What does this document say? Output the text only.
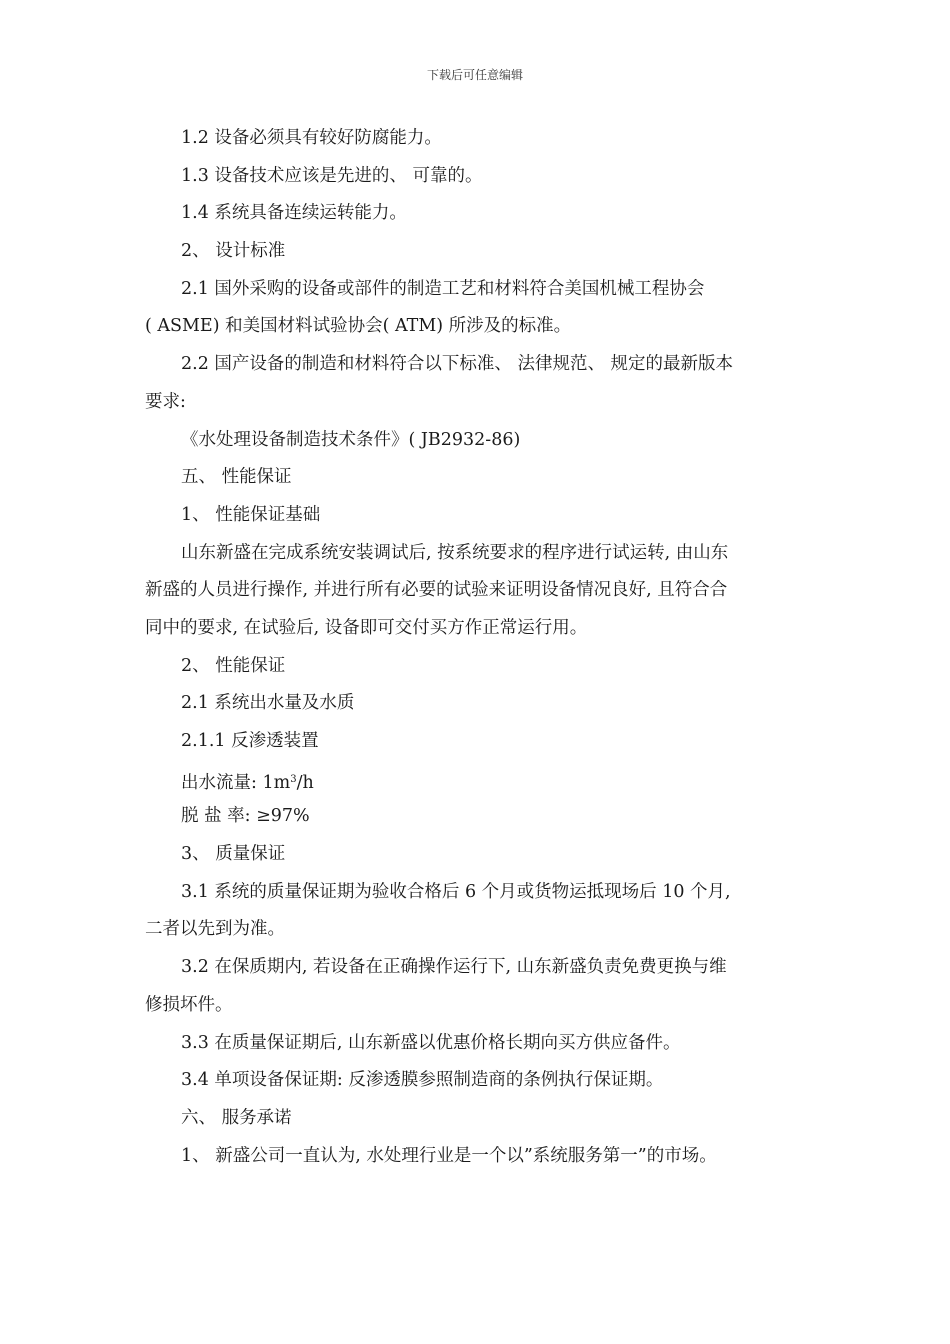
下载后可任意编辑

1.2 设备必须具有较好防腐能力。

1.3 设备技术应该是先进的、 可靠的。

1.4 系统具备连续运转能力。

2、 设计标准

2.1 国外采购的设备或部件的制造工艺和材料符合美国机械工程协会

( ASME) 和美国材料试验协会( ATM) 所涉及的标准。

2.2 国产设备的制造和材料符合以下标准、 法律规范、 规定的最新版本

要求:

《水处理设备制造技术条件》( JB2932-86)

五、 性能保证

1、 性能保证基础

山东新盛在完成系统安装调试后, 按系统要求的程序进行试运转, 由山东

新盛的人员进行操作, 并进行所有必要的试验来证明设备情况良好, 且符合合

同中的要求, 在试验后, 设备即可交付买方作正常运行用。

2、 性能保证

2.1 系统出水量及水质

2.1.1 反渗透装置

出水流量: $1m^3/h$

脱 盐 率: ≥97%

3、 质量保证

3.1 系统的质量保证期为验收合格后 6 个月或货物运抵现场后 10 个月,

二者以先到为准。

3.2 在保质期内, 若设备在正确操作运行下, 山东新盛负责免费更换与维

修损坏件。

3.3 在质量保证期后, 山东新盛以优惠价格长期向买方供应备件。

3.4 单项设备保证期: 反渗透膜参照制造商的条例执行保证期。

六、 服务承诺

1、 新盛公司一直认为, 水处理行业是一个以”系统服务第一”的市场。
